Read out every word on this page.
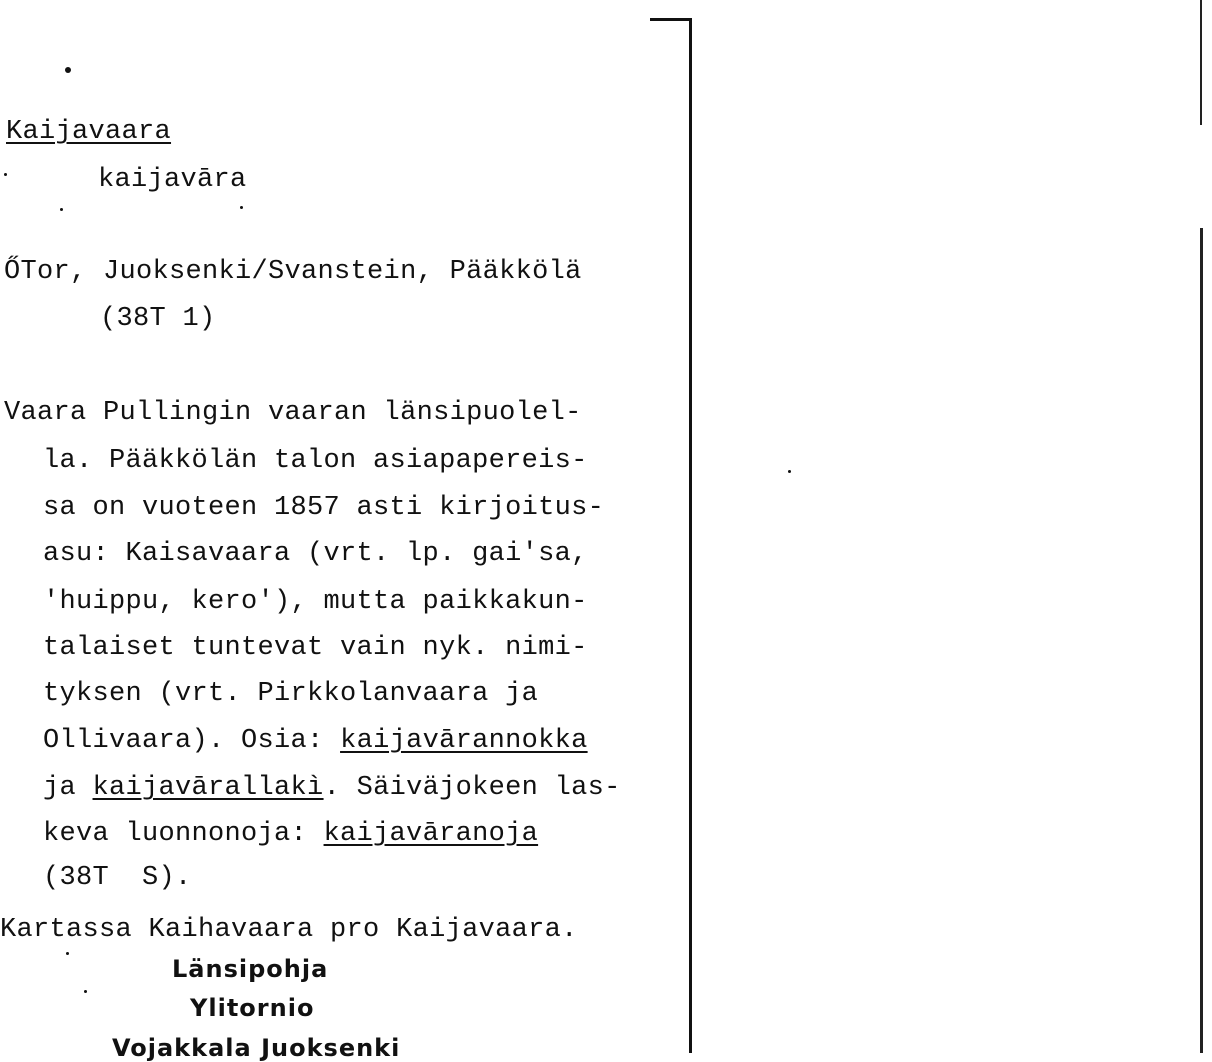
Kaijavaara
kaijavāra
ŐTor, Juoksenki/Svanstein, Pääkkölä
(38T 1)
Vaara Pullingin vaaran länsipuolel-
la. Pääkkölän talon asiapapereis-
sa on vuoteen 1857 asti kirjoitus-
asu: Kaisavaara (vrt. lp. gai'sa,
'huippu, kero'), mutta paikkakun-
talaiset tuntevat vain nyk. nimi-
tyksen (vrt. Pirkkolanvaara ja
Ollivaara). Osia: kaijavārannokka
ja kaijavārallakì. Säiväjokeen las-
keva luonnonoja: kaijavāranoja
(38T  S).
Kartassa Kaihavaara pro Kaijavaara.
Länsipohja
Ylitornio
Vojakkala Juoksenki
